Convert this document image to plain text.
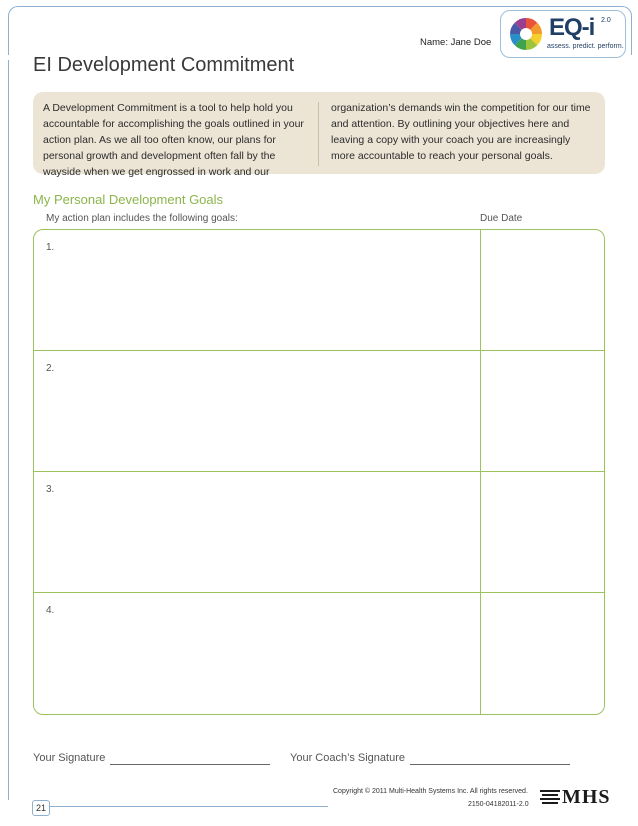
Name: Jane Doe
EQ-i 2.0
assess. predict. perform.
EI Development Commitment
A Development Commitment is a tool to help hold you accountable for accomplishing the goals outlined in your action plan. As we all too often know, our plans for personal growth and development often fall by the wayside when we get engrossed in work and our
organization’s demands win the competition for our time and attention. By outlining your objectives here and leaving a copy with your coach you are increasingly more accountable to reach your personal goals.
My Personal Development Goals
My action plan includes the following goals:	Due Date
1.
2.
3.
4.
Your Signature	Your Coach’s Signature
Copyright © 2011 Multi-Health Systems Inc. All rights reserved.
2150-04182011-2.0
21	MHS
